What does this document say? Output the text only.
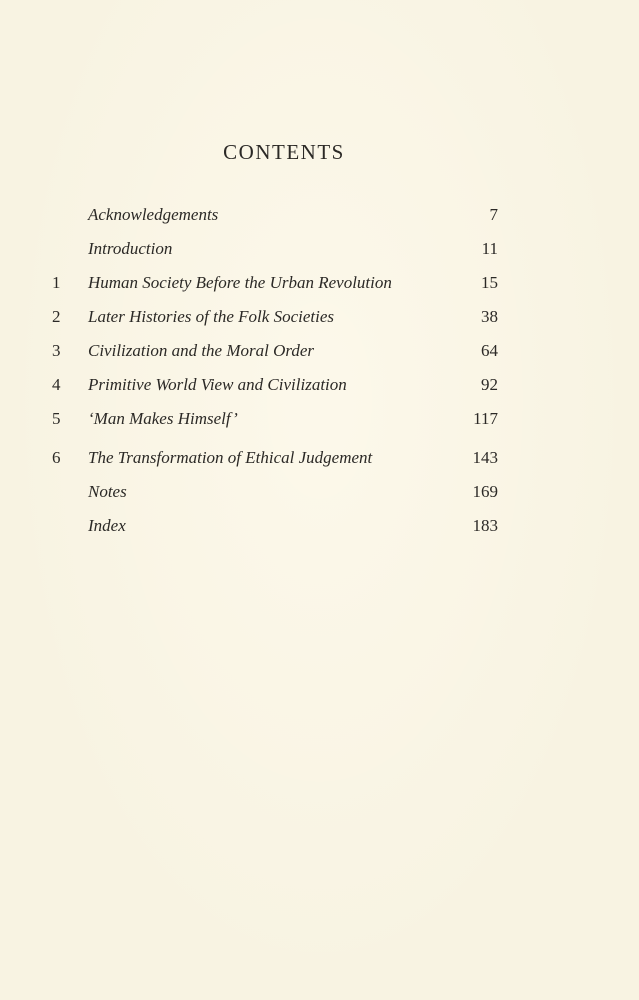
CONTENTS
Acknowledgements	7
Introduction	11
1	Human Society Before the Urban Revolution	15
2	Later Histories of the Folk Societies	38
3	Civilization and the Moral Order	64
4	Primitive World View and Civilization	92
5	‘Man Makes Himself’	117
6	The Transformation of Ethical Judgement	143
Notes	169
Index	183
